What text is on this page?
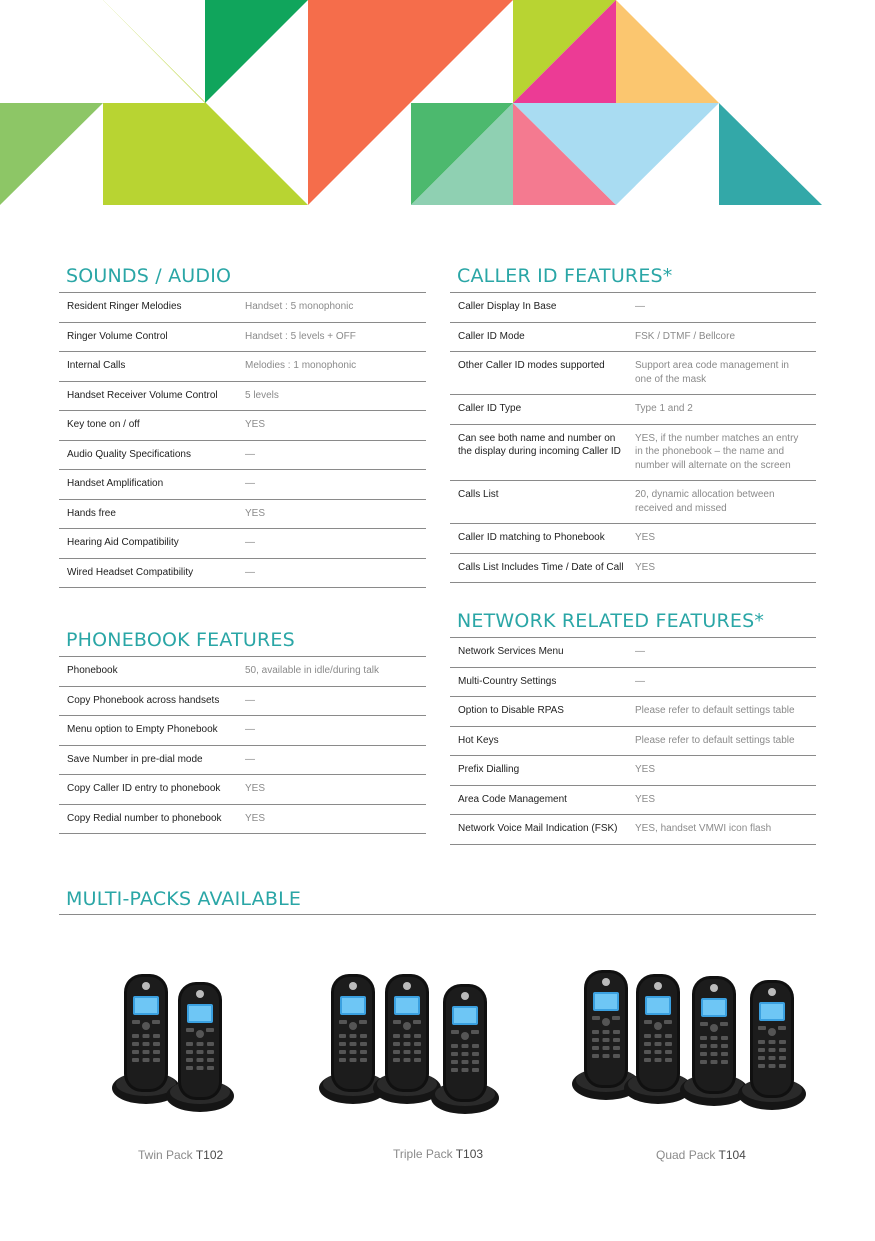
SOUNDS / AUDIO
Resident Ringer Melodies	Handset : 5 monophonic
Ringer Volume Control	Handset : 5 levels + OFF
Internal Calls	Melodies : 1 monophonic
Handset Receiver Volume Control	5 levels
Key tone on / off	YES
Audio Quality Specifications	—
Handset Amplification	—
Hands free	YES
Hearing Aid Compatibility	—
Wired Headset Compatibility	—
CALLER ID FEATURES*
Caller Display In Base	—
Caller ID Mode	FSK / DTMF / Bellcore
Other Caller ID modes supported	Support area code management in one of the mask
Caller ID Type	Type 1 and 2
Can see both name and number on the display during incoming Caller ID	YES, if the number matches an entry in the phonebook – the name and number will alternate on the screen
Calls List	20, dynamic allocation between received and missed
Caller ID matching to Phonebook	YES
Calls List Includes Time / Date of Call	YES
PHONEBOOK FEATURES
Phonebook	50, available in idle/during talk
Copy Phonebook across handsets	—
Menu option to Empty Phonebook	—
Save Number in pre-dial mode	—
Copy Caller ID entry to phonebook	YES
Copy Redial number to phonebook	YES
NETWORK RELATED FEATURES*
Network Services Menu	—
Multi-Country Settings	—
Option to Disable RPAS	Please refer to default settings table
Hot Keys	Please refer to default settings table
Prefix Dialling	YES
Area Code Management	YES
Network Voice Mail Indication (FSK)	YES, handset VMWI icon flash
MULTI-PACKS AVAILABLE
Twin Pack T102	Triple Pack T103	Quad Pack T104
